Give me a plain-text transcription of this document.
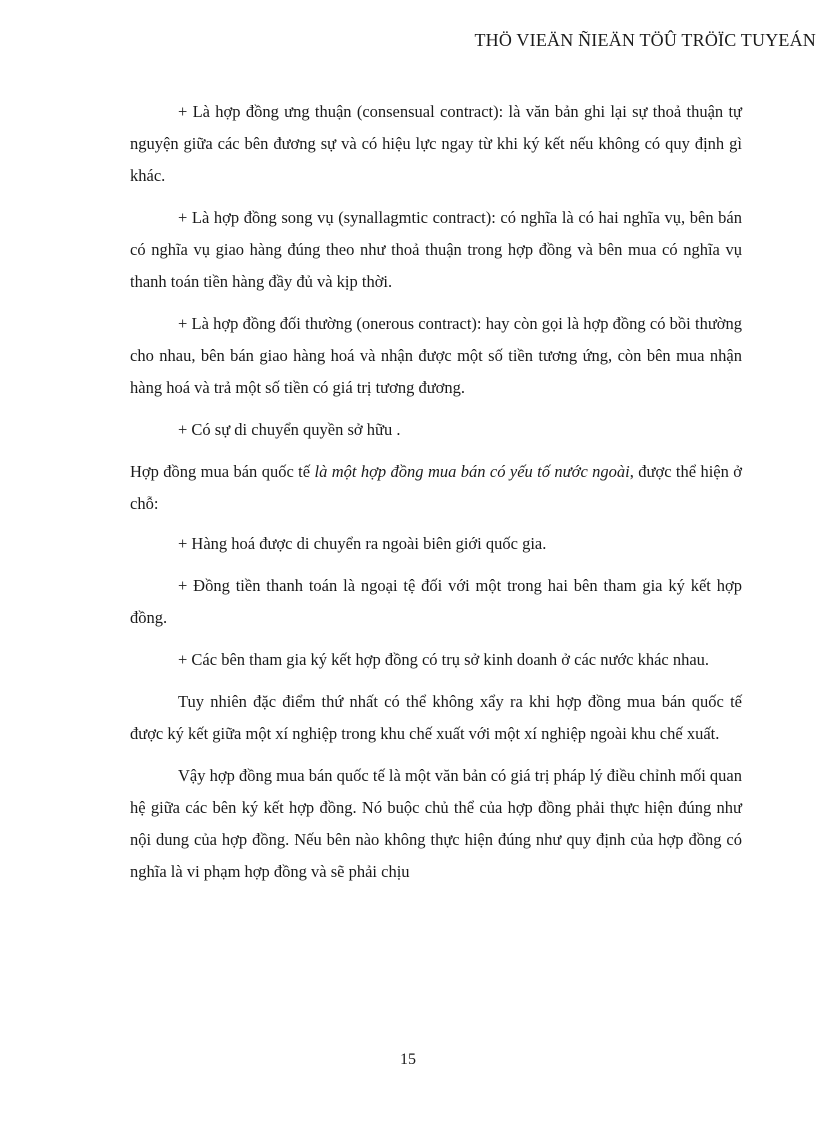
THÖ VIEÄN ÑIEÄN TÖÛ TRÖÏC TUYEÁN

+ Là hợp đồng ưng thuận (consensual contract): là văn bản ghi lại sự thoả thuận tự nguyện giữa các bên đương sự và có hiệu lực ngay từ khi ký kết nếu không có quy định gì khác.

+ Là hợp đồng song vụ (synallagmtic contract): có nghĩa là có hai nghĩa vụ, bên bán có nghĩa vụ giao hàng đúng theo như thoả thuận trong hợp đồng và bên mua có nghĩa vụ thanh toán tiền hàng đầy đủ và kịp thời.

+ Là hợp đồng đối thường (onerous contract): hay còn gọi là hợp đồng có bồi thường cho nhau, bên bán giao hàng hoá và nhận được một số tiền tương ứng, còn bên mua nhận hàng hoá và trả một số tiền có giá trị tương đương.

+ Có sự di chuyển quyền sở hữu .

Hợp đồng mua bán quốc tế là một hợp đồng mua bán có yếu tố nước ngoài, được thể hiện ở chỗ:

+ Hàng hoá được di chuyển ra ngoài biên giới quốc gia.

+ Đồng tiền thanh toán là ngoại tệ đối với một trong hai bên tham gia ký kết hợp đồng.

+ Các bên tham gia ký kết hợp đồng có trụ sở kinh doanh ở các nước khác nhau.

Tuy nhiên đặc điểm thứ nhất có thể không xẩy ra khi hợp đồng mua bán quốc tế được ký kết giữa một xí nghiệp trong khu chế xuất với một xí nghiệp ngoài khu chế xuất.

Vậy hợp đồng mua bán quốc tế là một văn bản có giá trị pháp lý điều chỉnh mối quan hệ giữa các bên ký kết hợp đồng. Nó buộc chủ thể của hợp đồng phải thực hiện đúng như nội dung của hợp đồng. Nếu bên nào không thực hiện đúng như quy định của hợp đồng có nghĩa là vi phạm hợp đồng và sẽ phải chịu

15
